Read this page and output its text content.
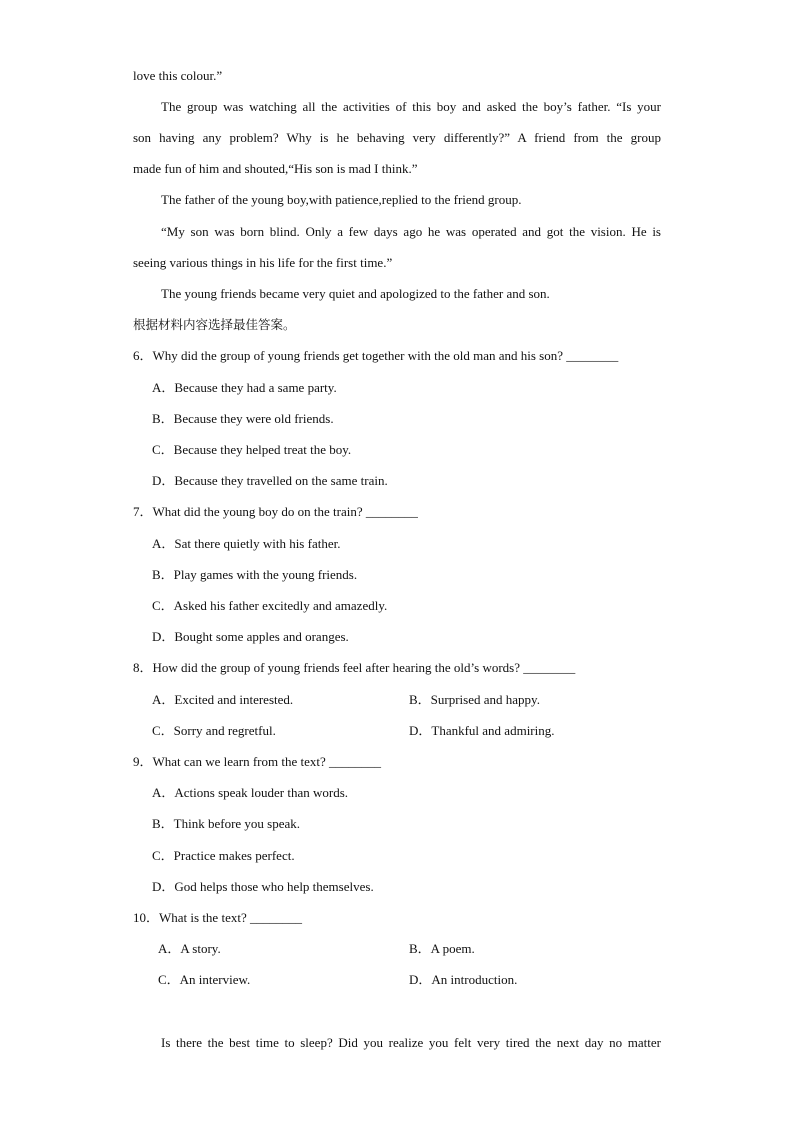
love this colour.”
The group was watching all the activities of this boy and asked the boy’s father. “Is your
son having any problem? Why is he behaving very differently?” A friend from the group
made fun of him and shouted,“His son is mad I think.”
The father of the young boy,with patience,replied to the friend group.
“My son was born blind. Only a few days ago he was operated and got the vision. He is
seeing various things in his life for the first time.”
The young friends became very quiet and apologized to the father and son.
根据材料内容选择最佳答案。
6．Why did the group of young friends get together with the old man and his son? ________
A．Because they had a same party.
B．Because they were old friends.
C．Because they helped treat the boy.
D．Because they travelled on the same train.
7．What did the young boy do on the train? ________
A．Sat there quietly with his father.
B．Play games with the young friends.
C．Asked his father excitedly and amazedly.
D．Bought some apples and oranges.
8．How did the group of young friends feel after hearing the old’s words? ________
A．Excited and interested.	B．Surprised and happy.
C．Sorry and regretful.	D．Thankful and admiring.
9．What can we learn from the text? ________
A．Actions speak louder than words.
B．Think before you speak.
C．Practice makes perfect.
D．God helps those who help themselves.
10．What is the text? ________
A．A story.	B．A poem.
C．An interview.	D．An introduction.
Is there the best time to sleep? Did you realize you felt very tired the next day no matter
